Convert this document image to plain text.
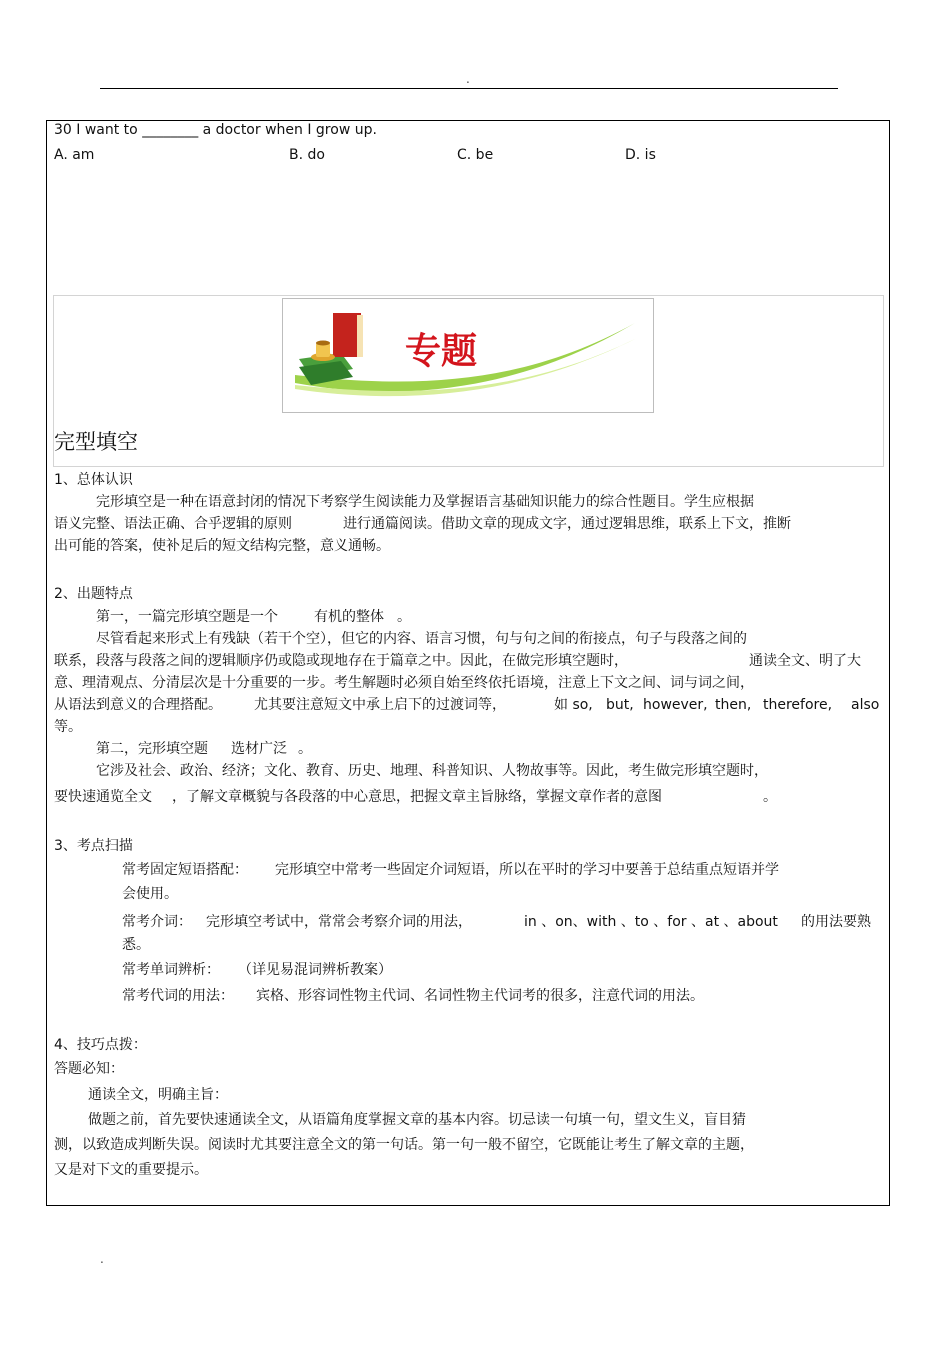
.
30 I want to ________ a doctor when I grow up.
A. am	B. do	C. be	D. is
专题
完型填空
1、总体认识
完形填空是一种在语意封闭的情况下考察学生阅读能力及掌握语言基础知识能力的综合性题目。学生应根据
语义完整、语法正确、合乎逻辑的原则	进行通篇阅读。借助文章的现成文字，通过逻辑思维，联系上下文，推断
出可能的答案，使补足后的短文结构完整，意义通畅。
2、出题特点
第一，一篇完形填空题是一个	有机的整体 。
尽管看起来形式上有残缺（若干个空），但它的内容、语言习惯，句与句之间的衔接点，句子与段落之间的
联系，段落与段落之间的逻辑顺序仍或隐或现地存在于篇章之中。因此，在做完形填空题时，	通读全文、明了大
意、理清观点、分清层次是十分重要的一步。考生解题时必须自始至终依托语境，注意上下文之间、词与词之间，
从语法到意义的合理搭配。 尤其要注意短文中承上启下的过渡词等，	如 so, but, however, then, therefore, also
等。
第二，完形填空题 选材广泛 。
它涉及社会、政治、经济；文化、教育、历史、地理、科普知识、人物故事等。因此，考生做完形填空题时，
要快速通览全文 ，了解文章概貌与各段落的中心意思，把握文章主旨脉络，掌握文章作者的意图	。
3、考点扫描
常考固定短语搭配： 完形填空中常考一些固定介词短语，所以在平时的学习中要善于总结重点短语并学
会使用。
常考介词： 完形填空考试中，常常会考察介词的用法，	in 、on、with 、to 、for 、at 、about 的用法要熟
悉。
常考单词辨析： （详见易混词辨析教案）
常考代词的用法： 宾格、形容词性物主代词、名词性物主代词考的很多，注意代词的用法。
4、技巧点拨：
答题必知：
通读全文，明确主旨：
做题之前，首先要快速通读全文，从语篇角度掌握文章的基本内容。切忌读一句填一句，望文生义，盲目猜
测，以致造成判断失误。阅读时尤其要注意全文的第一句话。第一句一般不留空，它既能让考生了解文章的主题，
又是对下文的重要提示。
.
